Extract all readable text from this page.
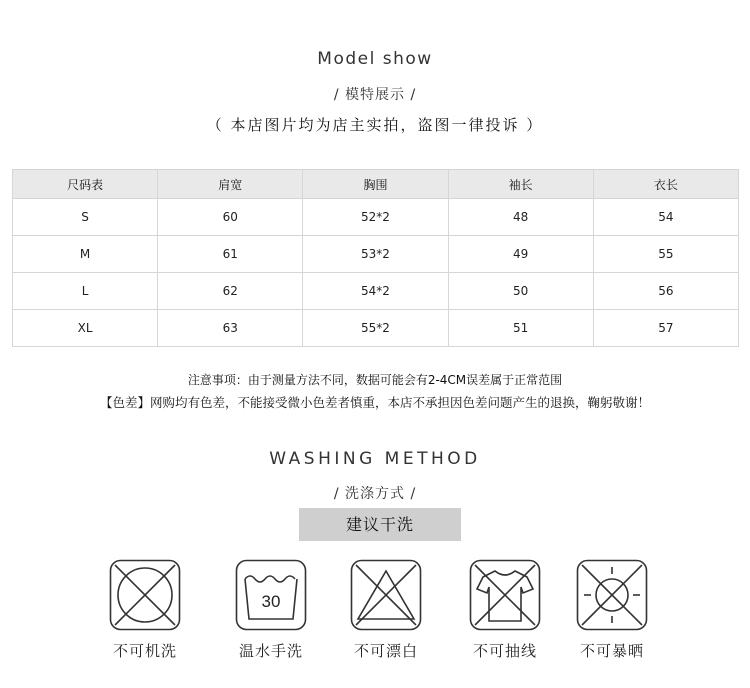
Model show
/ 模特展示 /
（ 本店图片均为店主实拍，盗图一律投诉 ）
尺码表	肩宽	胸围	袖长	衣长
S	60	52*2	48	54
M	61	53*2	49	55
L	62	54*2	50	56
XL	63	55*2	51	57
注意事项：由于测量方法不同，数据可能会有2-4CM误差属于正常范围
【色差】网购均有色差，不能接受微小色差者慎重，本店不承担因色差问题产生的退换，鞠躬敬谢！
WASHING METHOD
/ 洗涤方式 /
建议干洗
30
不可机洗	温水手洗	不可漂白	不可抽线	不可暴晒
